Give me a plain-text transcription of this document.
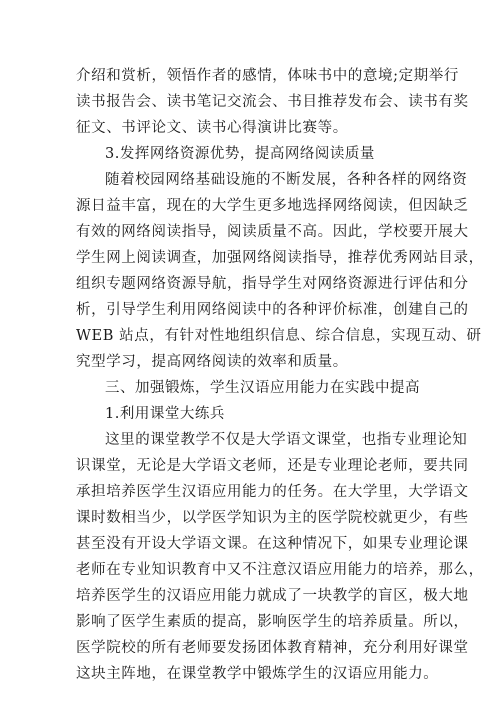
介绍和赏析，领悟作者的感情，体味书中的意境;定期举行
读书报告会、读书笔记交流会、书目推荐发布会、读书有奖
征文、书评论文、读书心得演讲比赛等。
3.发挥网络资源优势，提高网络阅读质量
随着校园网络基础设施的不断发展，各种各样的网络资
源日益丰富，现在的大学生更多地选择网络阅读，但因缺乏
有效的网络阅读指导，阅读质量不高。因此，学校要开展大
学生网上阅读调查，加强网络阅读指导，推荐优秀网站目录，
组织专题网络资源导航，指导学生对网络资源进行评估和分
析，引导学生利用网络阅读中的各种评价标准，创建自己的
WEB 站点，有针对性地组织信息、综合信息，实现互动、研
究型学习，提高网络阅读的效率和质量。
三、加强锻炼，学生汉语应用能力在实践中提高
1.利用课堂大练兵
这里的课堂教学不仅是大学语文课堂，也指专业理论知
识课堂，无论是大学语文老师，还是专业理论老师，要共同
承担培养医学生汉语应用能力的任务。在大学里，大学语文
课时数相当少，以学医学知识为主的医学院校就更少，有些
甚至没有开设大学语文课。在这种情况下，如果专业理论课
老师在专业知识教育中又不注意汉语应用能力的培养，那么，
培养医学生的汉语应用能力就成了一块教学的盲区，极大地
影响了医学生素质的提高，影响医学生的培养质量。所以，
医学院校的所有老师要发扬团体教育精神，充分利用好课堂
这块主阵地，在课堂教学中锻炼学生的汉语应用能力。
